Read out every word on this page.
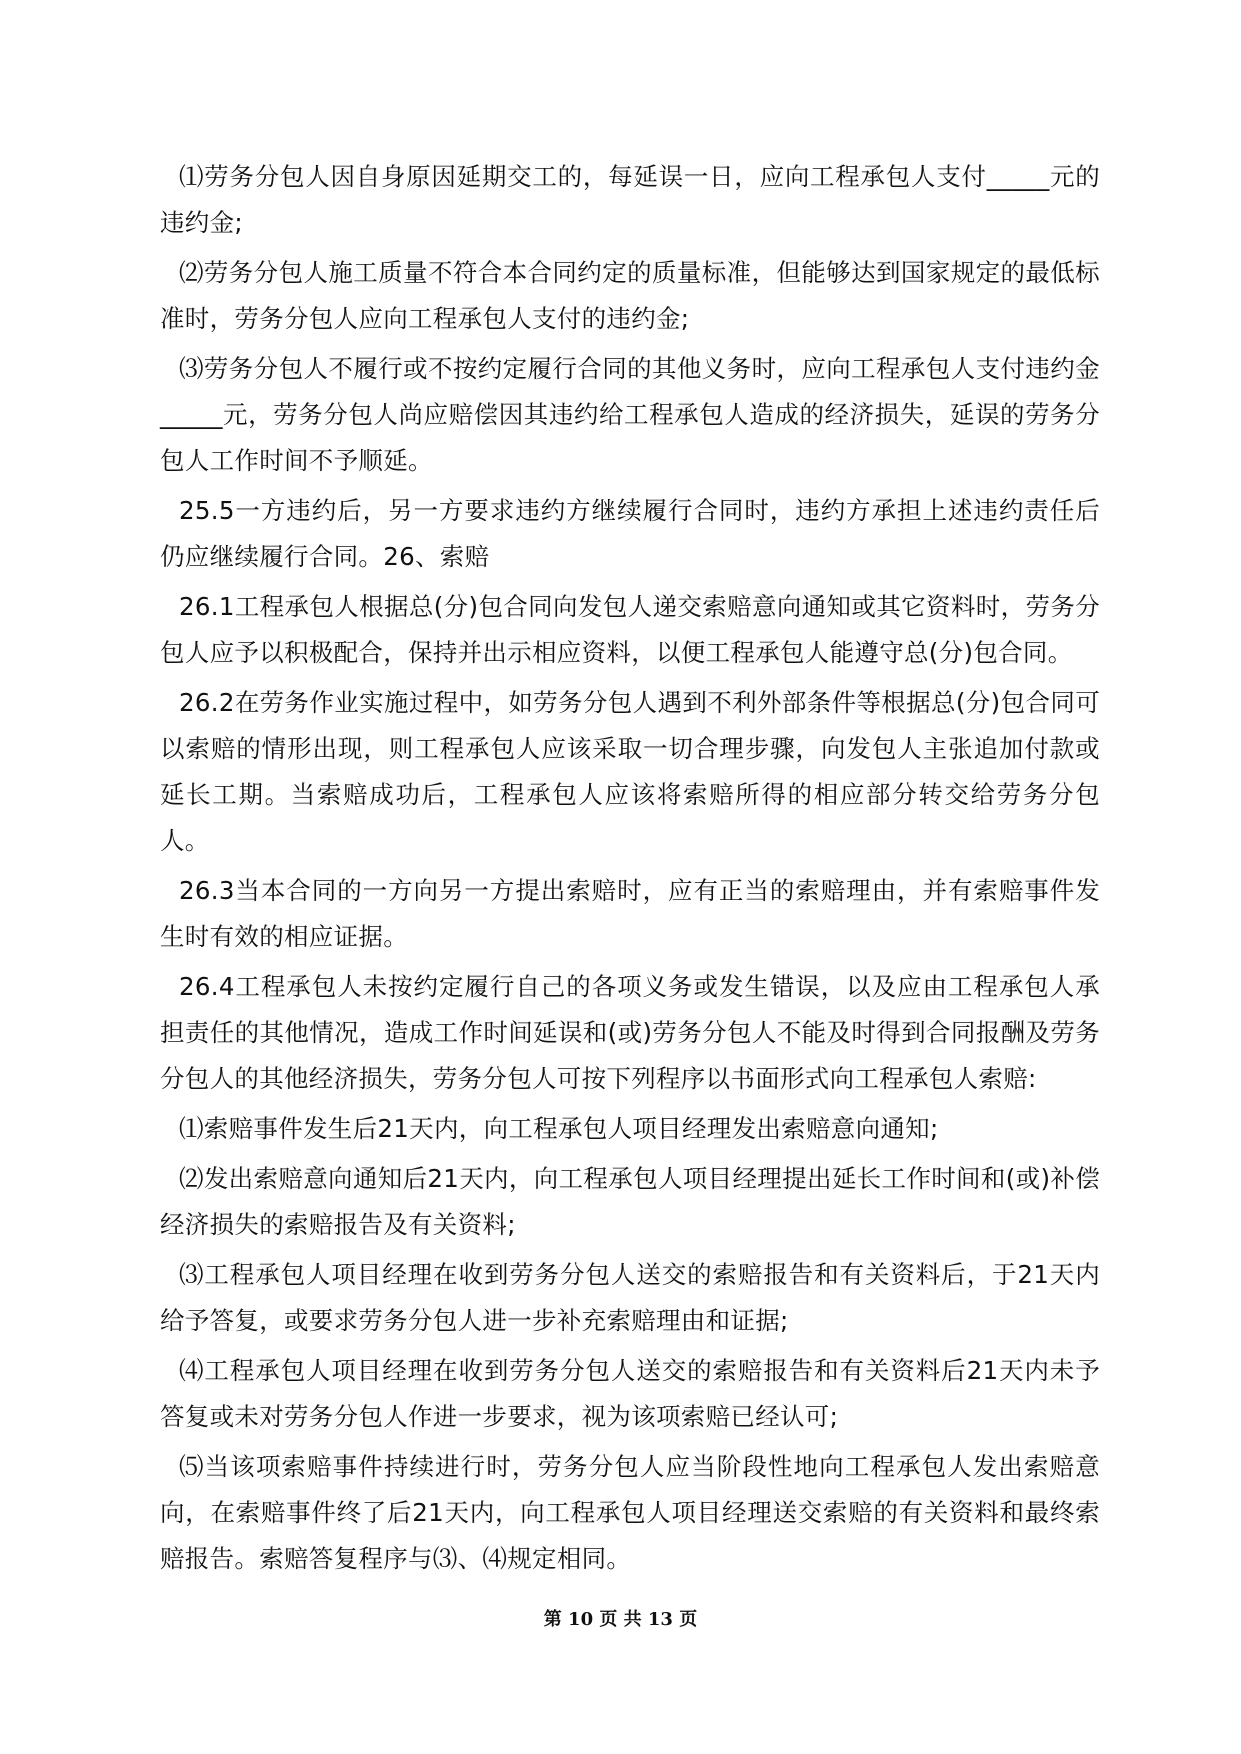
⑴劳务分包人因自身原因延期交工的，每延误一日，应向工程承包人支付_____元的违约金;

⑵劳务分包人施工质量不符合本合同约定的质量标准，但能够达到国家规定的最低标准时，劳务分包人应向工程承包人支付的违约金;

⑶劳务分包人不履行或不按约定履行合同的其他义务时，应向工程承包人支付违约金_____元，劳务分包人尚应赔偿因其违约给工程承包人造成的经济损失，延误的劳务分包人工作时间不予顺延。

25.5一方违约后，另一方要求违约方继续履行合同时，违约方承担上述违约责任后仍应继续履行合同。26、索赔

26.1工程承包人根据总(分)包合同向发包人递交索赔意向通知或其它资料时，劳务分包人应予以积极配合，保持并出示相应资料，以便工程承包人能遵守总(分)包合同。

26.2在劳务作业实施过程中，如劳务分包人遇到不利外部条件等根据总(分)包合同可以索赔的情形出现，则工程承包人应该采取一切合理步骤，向发包人主张追加付款或延长工期。当索赔成功后，工程承包人应该将索赔所得的相应部分转交给劳务分包人。

26.3当本合同的一方向另一方提出索赔时，应有正当的索赔理由，并有索赔事件发生时有效的相应证据。

26.4工程承包人未按约定履行自己的各项义务或发生错误，以及应由工程承包人承担责任的其他情况，造成工作时间延误和(或)劳务分包人不能及时得到合同报酬及劳务分包人的其他经济损失，劳务分包人可按下列程序以书面形式向工程承包人索赔:

⑴索赔事件发生后21天内，向工程承包人项目经理发出索赔意向通知;

⑵发出索赔意向通知后21天内，向工程承包人项目经理提出延长工作时间和(或)补偿经济损失的索赔报告及有关资料;

⑶工程承包人项目经理在收到劳务分包人送交的索赔报告和有关资料后，于21天内给予答复，或要求劳务分包人进一步补充索赔理由和证据;

⑷工程承包人项目经理在收到劳务分包人送交的索赔报告和有关资料后21天内未予答复或未对劳务分包人作进一步要求，视为该项索赔已经认可;

⑸当该项索赔事件持续进行时，劳务分包人应当阶段性地向工程承包人发出索赔意向，在索赔事件终了后21天内，向工程承包人项目经理送交索赔的有关资料和最终索赔报告。索赔答复程序与⑶、⑷规定相同。

第 10 页 共 13 页
